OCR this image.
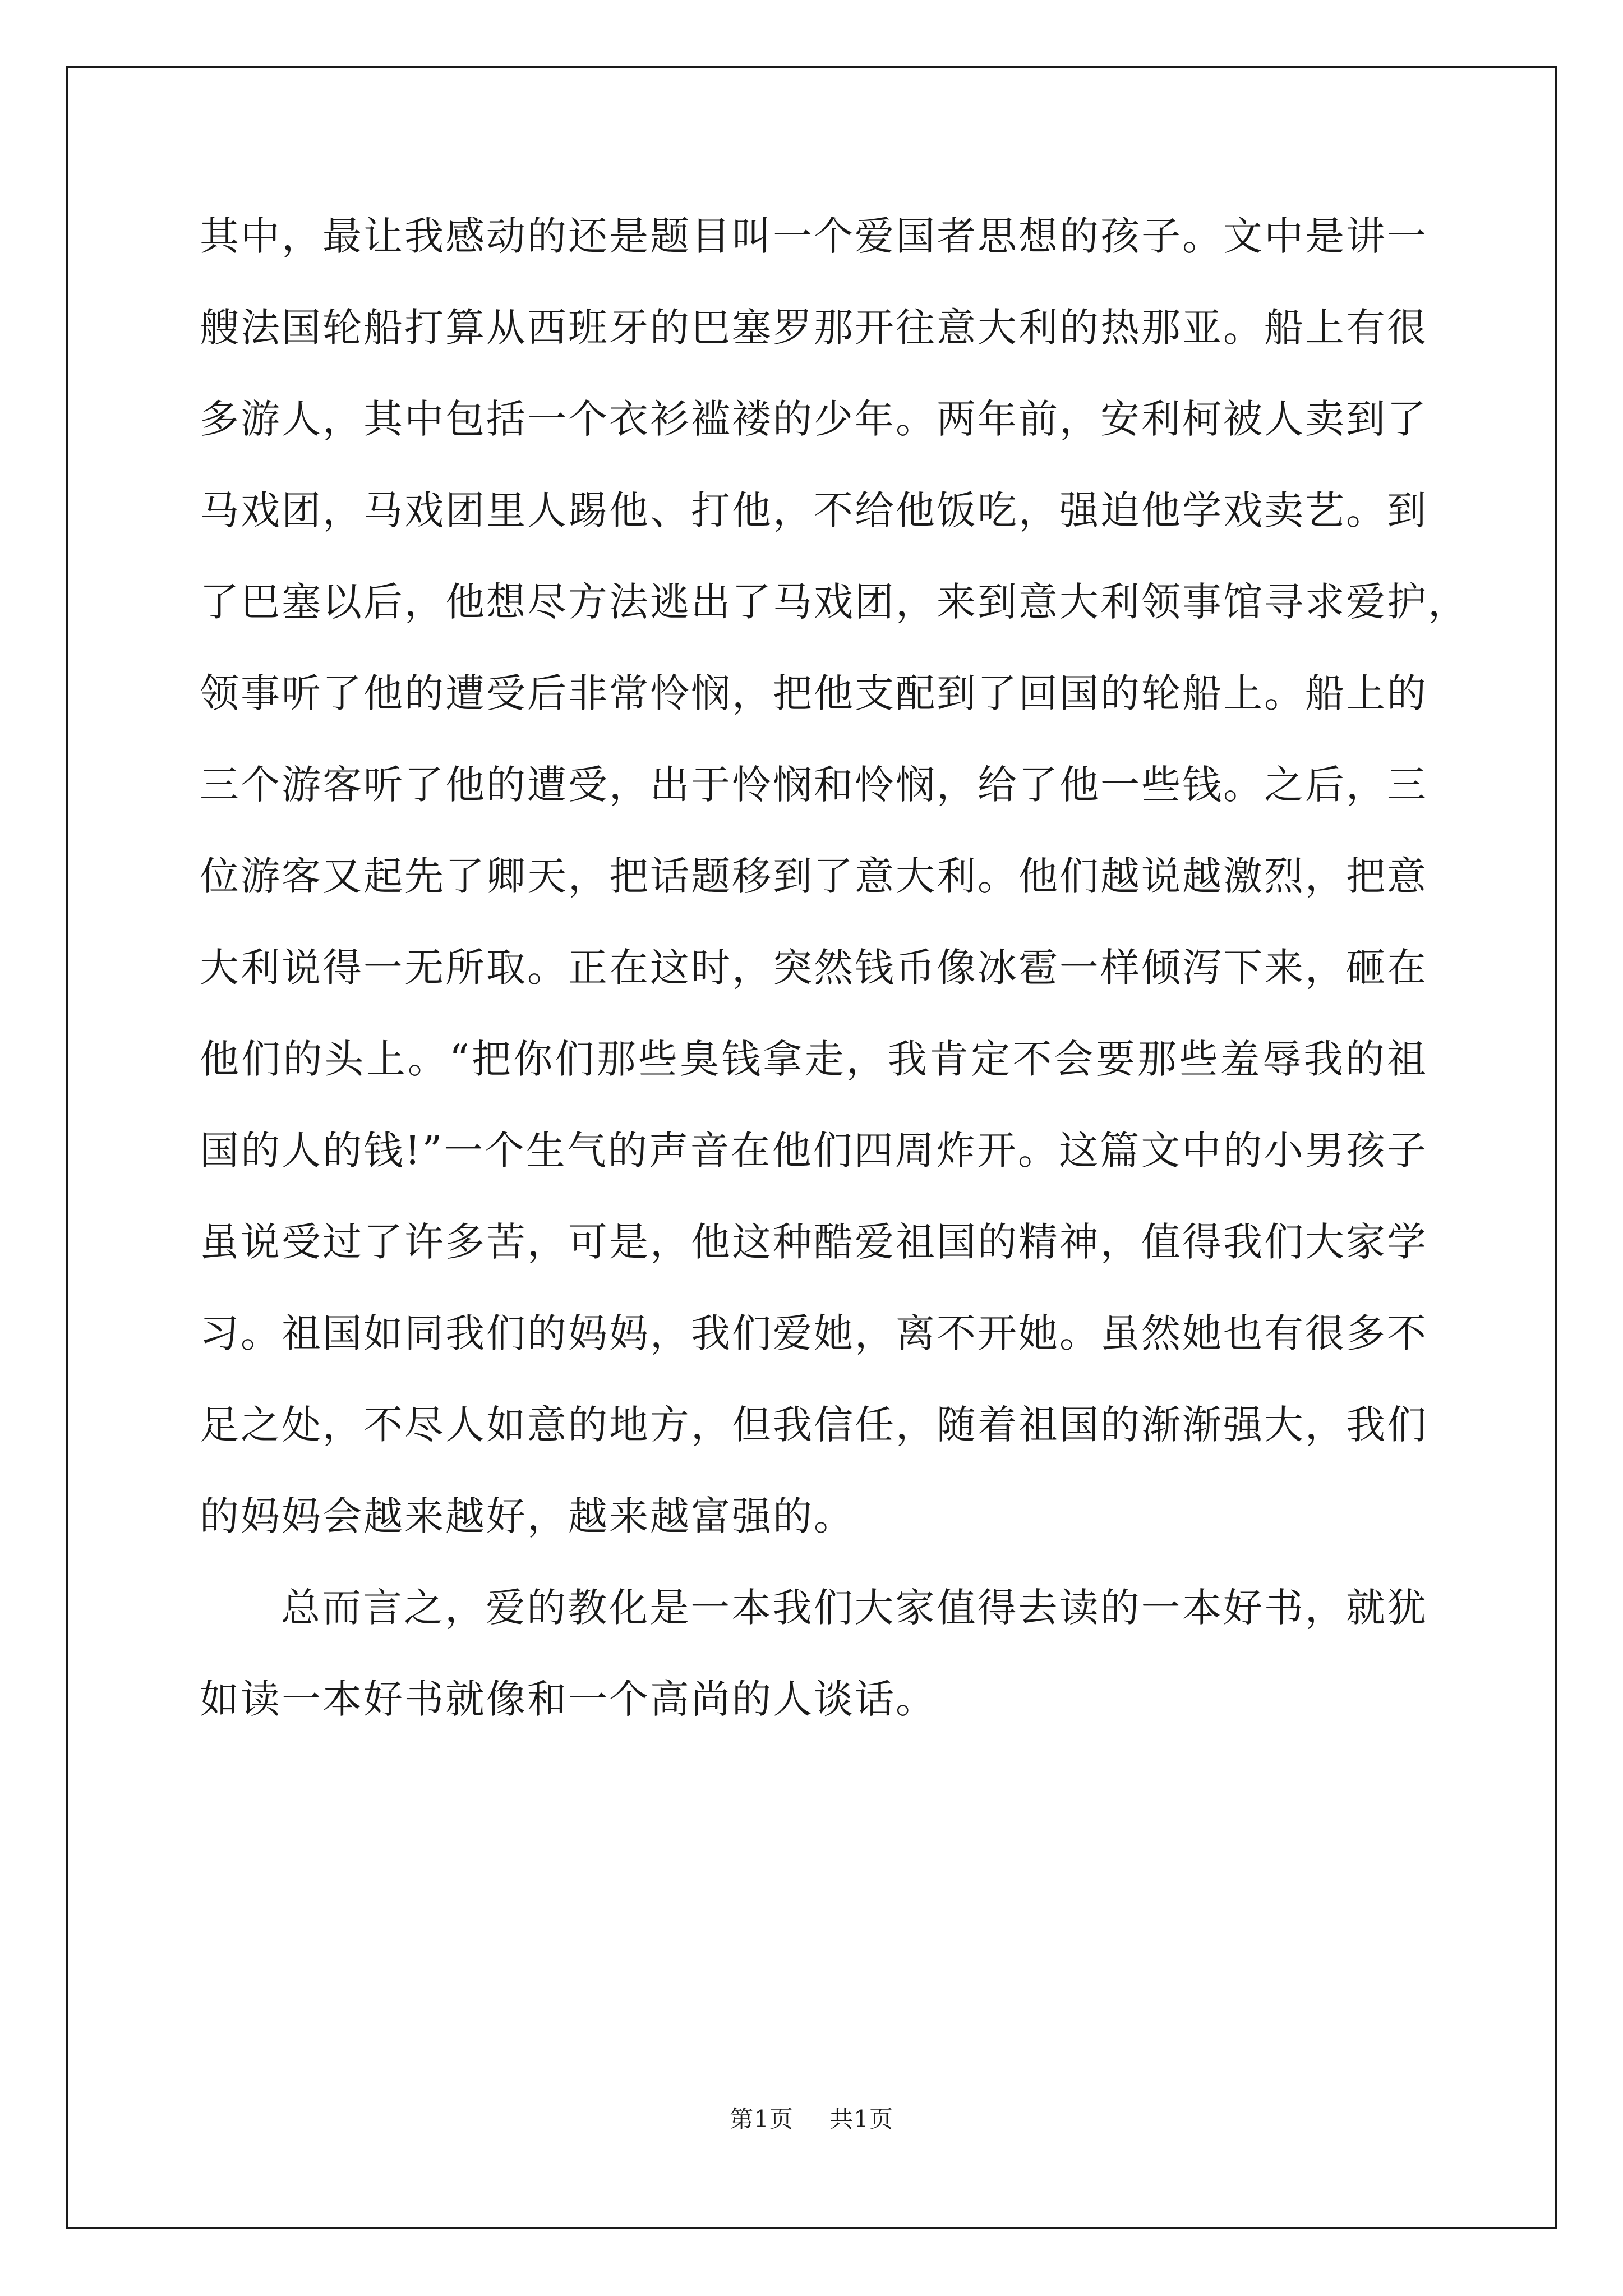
其中，最让我感动的还是题目叫一个爱国者思想的孩子。文中是讲一
艘法国轮船打算从西班牙的巴塞罗那开往意大利的热那亚。船上有很
多游人，其中包括一个衣衫褴褛的少年。两年前，安利柯被人卖到了
马戏团，马戏团里人踢他、打他，不给他饭吃，强迫他学戏卖艺。到
了巴塞以后，他想尽方法逃出了马戏团，来到意大利领事馆寻求爱护，
领事听了他的遭受后非常怜悯，把他支配到了回国的轮船上。船上的
三个游客听了他的遭受，出于怜悯和怜悯，给了他一些钱。之后，三
位游客又起先了卿天，把话题移到了意大利。他们越说越激烈，把意
大利说得一无所取。正在这时，突然钱币像冰雹一样倾泻下来，砸在
他们的头上。“把你们那些臭钱拿走，我肯定不会要那些羞辱我的祖
国的人的钱!”一个生气的声音在他们四周炸开。这篇文中的小男孩子
虽说受过了许多苦，可是，他这种酷爱祖国的精神，值得我们大家学
习。祖国如同我们的妈妈，我们爱她，离不开她。虽然她也有很多不
足之处，不尽人如意的地方，但我信任，随着祖国的渐渐强大，我们
的妈妈会越来越好，越来越富强的。
总而言之，爱的教化是一本我们大家值得去读的一本好书，就犹
如读一本好书就像和一个高尚的人谈话。
第1页 共1页
